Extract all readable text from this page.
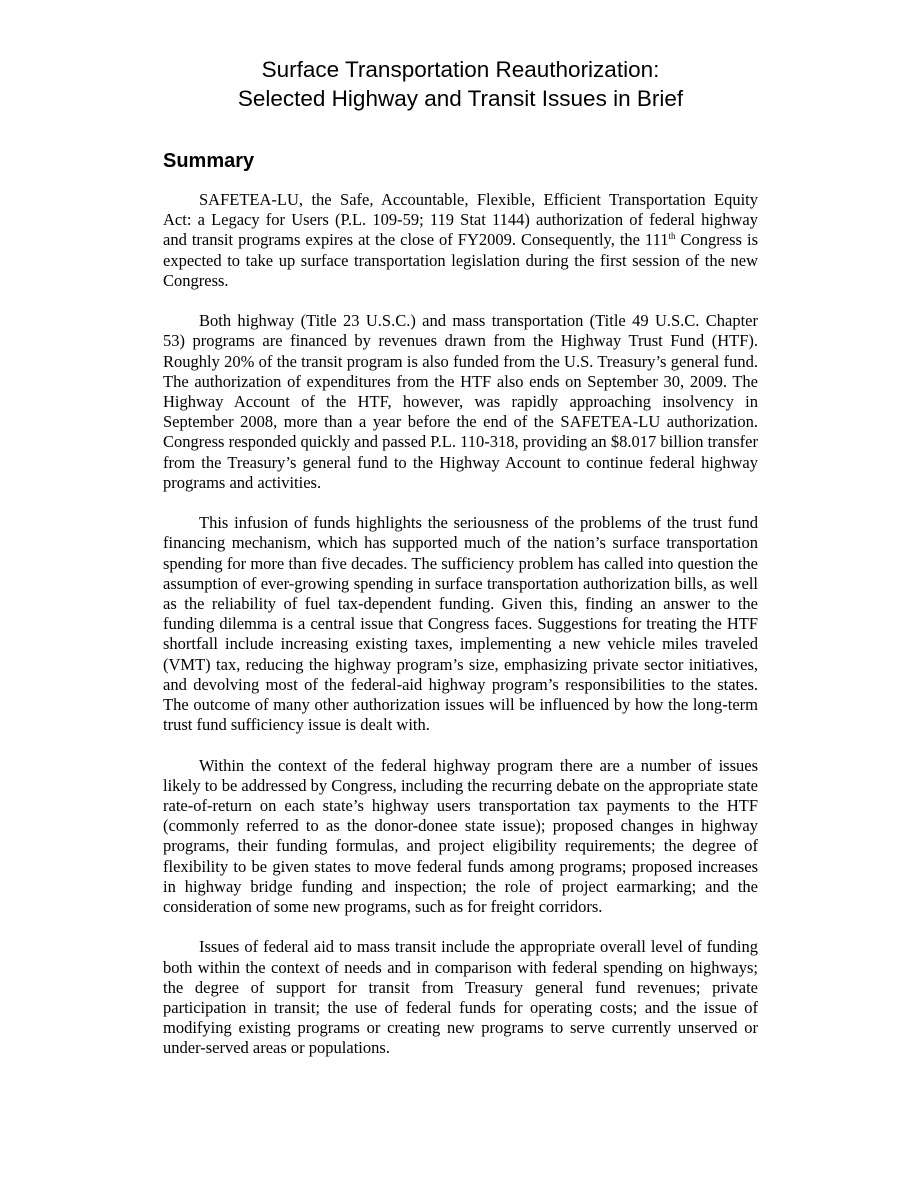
Surface Transportation Reauthorization:
Selected Highway and Transit Issues in Brief
Summary

SAFETEA-LU, the Safe, Accountable, Flexible, Efficient Transportation Equity Act: a Legacy for Users (P.L. 109-59; 119 Stat 1144) authorization of federal highway and transit programs expires at the close of FY2009. Consequently, the 111th Congress is expected to take up surface transportation legislation during the first session of the new Congress.

Both highway (Title 23 U.S.C.) and mass transportation (Title 49 U.S.C. Chapter 53) programs are financed by revenues drawn from the Highway Trust Fund (HTF). Roughly 20% of the transit program is also funded from the U.S. Treasury’s general fund. The authorization of expenditures from the HTF also ends on September 30, 2009. The Highway Account of the HTF, however, was rapidly approaching insolvency in September 2008, more than a year before the end of the SAFETEA-LU authorization. Congress responded quickly and passed P.L. 110-318, providing an $8.017 billion transfer from the Treasury’s general fund to the Highway Account to continue federal highway programs and activities.

This infusion of funds highlights the seriousness of the problems of the trust fund financing mechanism, which has supported much of the nation’s surface transportation spending for more than five decades. The sufficiency problem has called into question the assumption of ever-growing spending in surface transportation authorization bills, as well as the reliability of fuel tax-dependent funding. Given this, finding an answer to the funding dilemma is a central issue that Congress faces. Suggestions for treating the HTF shortfall include increasing existing taxes, implementing a new vehicle miles traveled (VMT) tax, reducing the highway program’s size, emphasizing private sector initiatives, and devolving most of the federal-aid highway program’s responsibilities to the states. The outcome of many other authorization issues will be influenced by how the long-term trust fund sufficiency issue is dealt with.

Within the context of the federal highway program there are a number of issues likely to be addressed by Congress, including the recurring debate on the appropriate state rate-of-return on each state’s highway users transportation tax payments to the HTF (commonly referred to as the donor-donee state issue); proposed changes in highway programs, their funding formulas, and project eligibility requirements; the degree of flexibility to be given states to move federal funds among programs; proposed increases in highway bridge funding and inspection; the role of project earmarking; and the consideration of some new programs, such as for freight corridors.

Issues of federal aid to mass transit include the appropriate overall level of funding both within the context of needs and in comparison with federal spending on highways; the degree of support for transit from Treasury general fund revenues; private participation in transit; the use of federal funds for operating costs; and the issue of modifying existing programs or creating new programs to serve currently unserved or under-served areas or populations.
